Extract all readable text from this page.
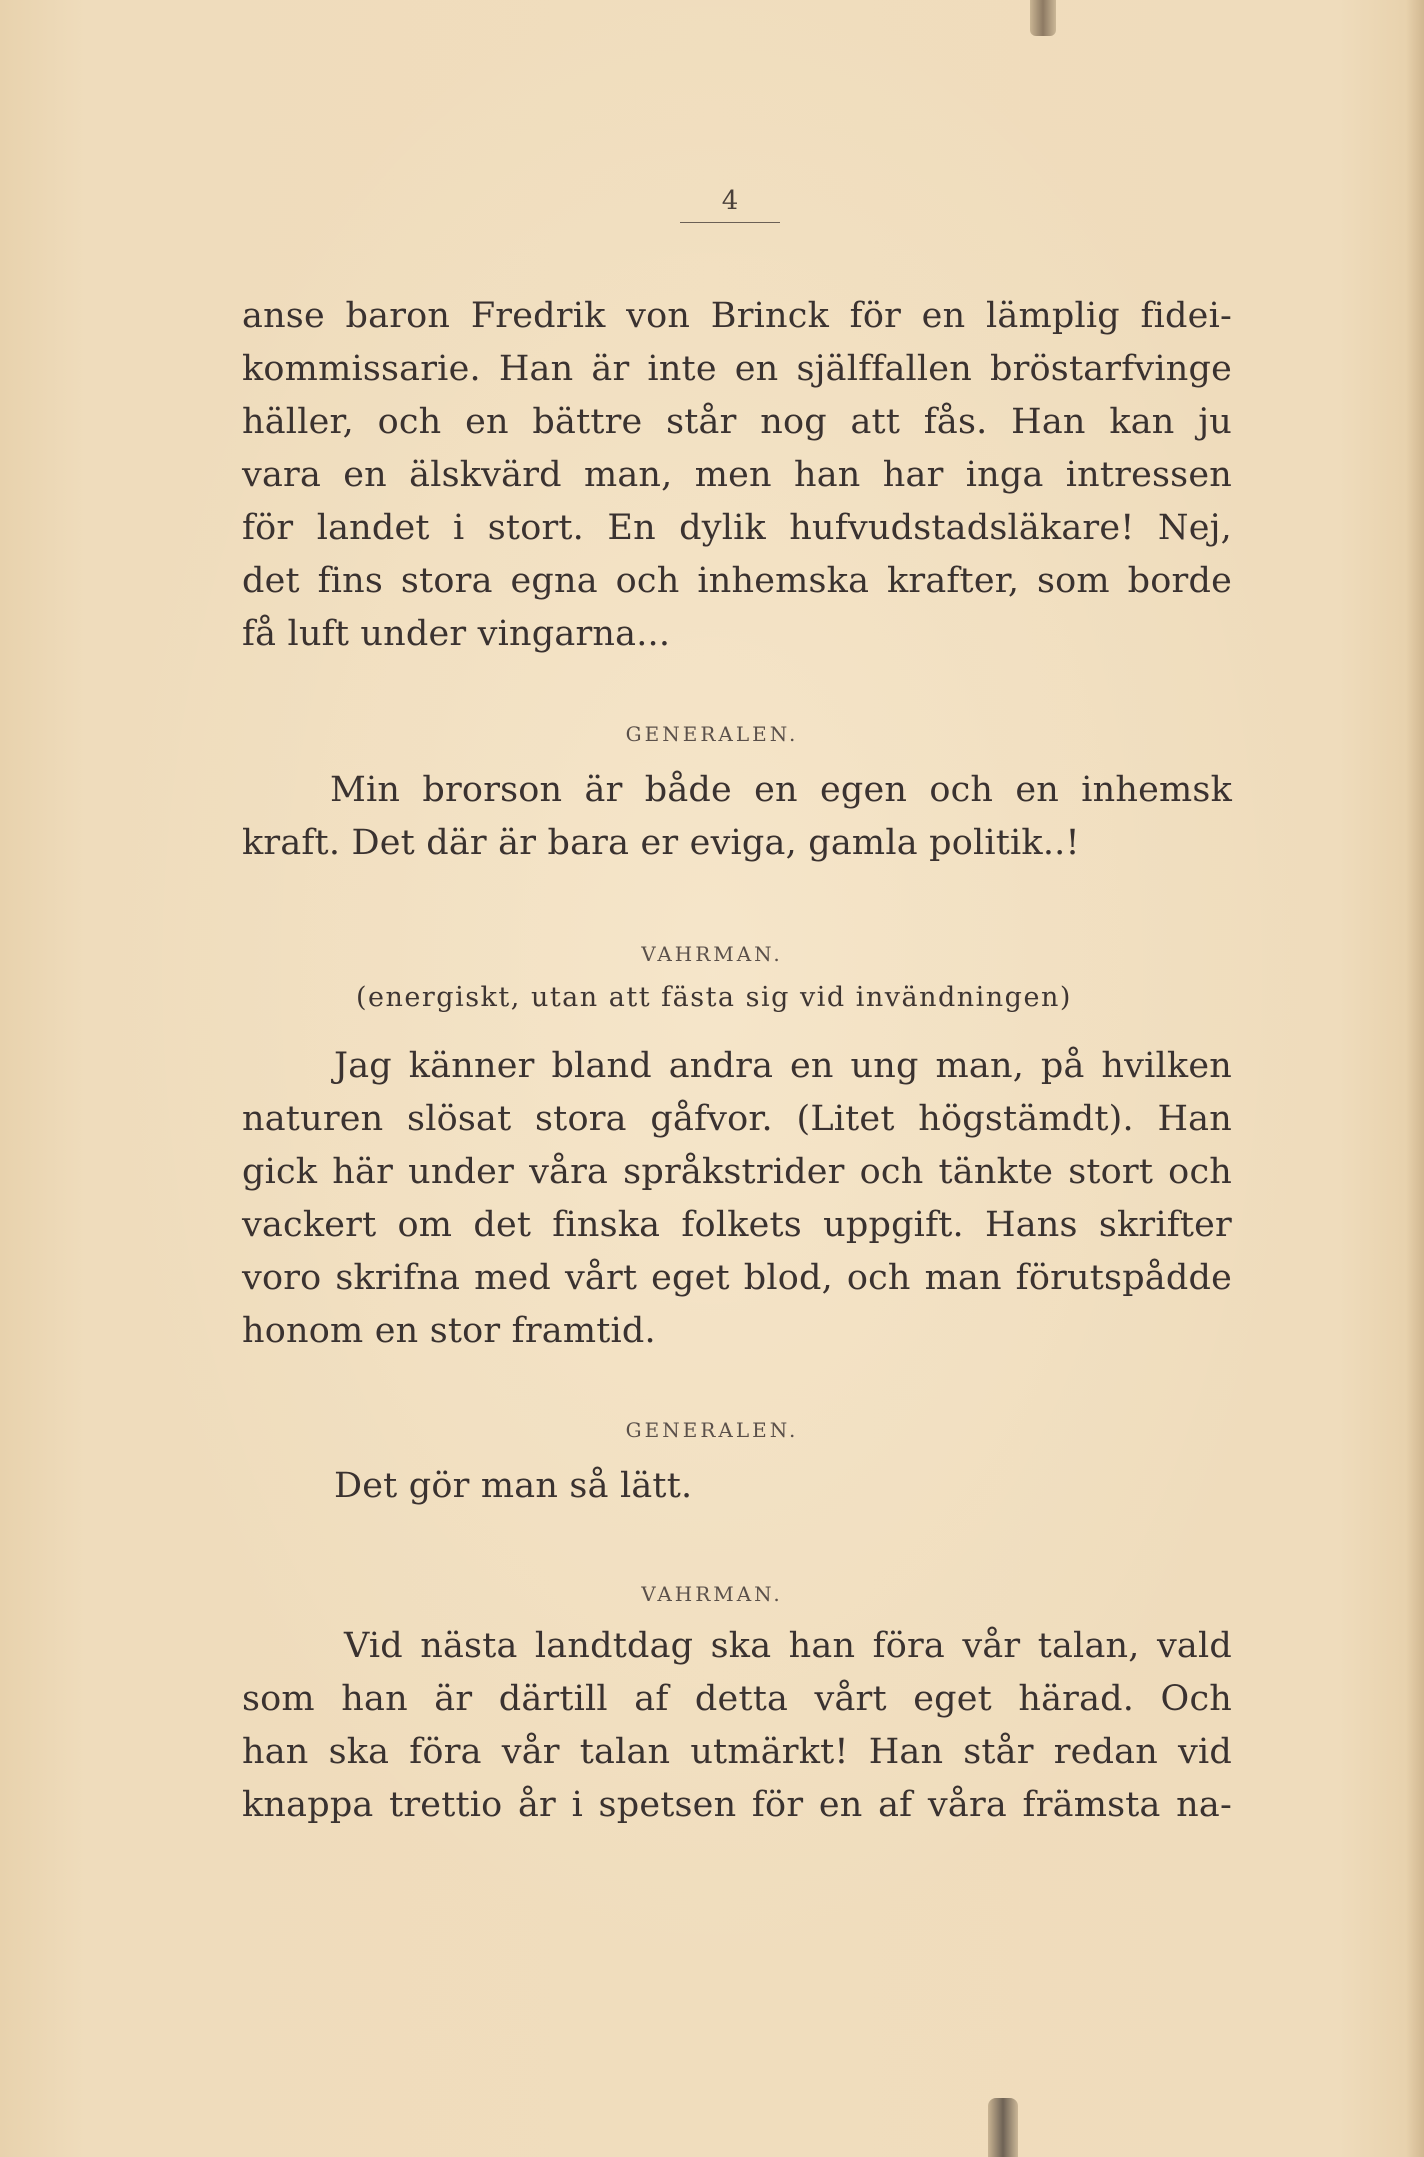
4
anse baron Fredrik von Brinck för en lämplig fidei-
kommissarie. Han är inte en själffallen bröstarfvinge
häller, och en bättre står nog att fås. Han kan ju
vara en älskvärd man, men han har inga intressen
för landet i stort. En dylik hufvudstadsläkare! Nej,
det fins stora egna och inhemska krafter, som borde
få luft under vingarna...
GENERALEN.
Min brorson är både en egen och en inhemsk
kraft. Det där är bara er eviga, gamla politik..!
VAHRMAN.
(energiskt, utan att fästa sig vid invändningen)
Jag känner bland andra en ung man, på hvilken
naturen slösat stora gåfvor. (Litet högstämdt). Han
gick här under våra språkstrider och tänkte stort och
vackert om det finska folkets uppgift. Hans skrifter
voro skrifna med vårt eget blod, och man förutspådde
honom en stor framtid.
GENERALEN.
Det gör man så lätt.
VAHRMAN.
Vid nästa landtdag ska han föra vår talan, vald
som han är därtill af detta vårt eget härad. Och
han ska föra vår talan utmärkt! Han står redan vid
knappa trettio år i spetsen för en af våra främsta na-
